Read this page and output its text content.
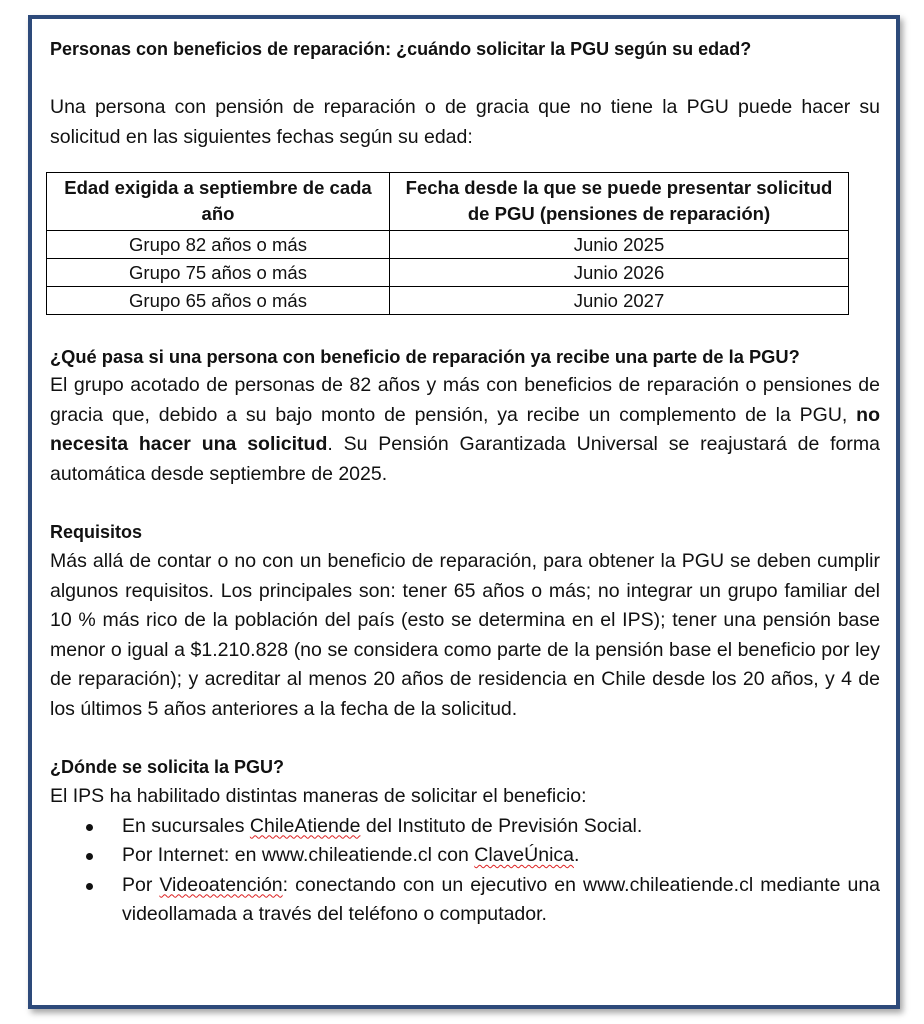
Personas con beneficios de reparación: ¿cuándo solicitar la PGU según su edad?

Una persona con pensión de reparación o de gracia que no tiene la PGU puede hacer su solicitud en las siguientes fechas según su edad:

Edad exigida a septiembre de cada año	Fecha desde la que se puede presentar solicitud de PGU (pensiones de reparación)
Grupo 82 años o más	Junio 2025
Grupo 75 años o más	Junio 2026
Grupo 65 años o más	Junio 2027

¿Qué pasa si una persona con beneficio de reparación ya recibe una parte de la PGU?

El grupo acotado de personas de 82 años y más con beneficios de reparación o pensiones de gracia que, debido a su bajo monto de pensión, ya recibe un complemento de la PGU, no necesita hacer una solicitud. Su Pensión Garantizada Universal se reajustará de forma automática desde septiembre de 2025.

Requisitos

Más allá de contar o no con un beneficio de reparación, para obtener la PGU se deben cumplir algunos requisitos. Los principales son: tener 65 años o más; no integrar un grupo familiar del 10 % más rico de la población del país (esto se determina en el IPS); tener una pensión base menor o igual a $1.210.828 (no se considera como parte de la pensión base el beneficio por ley de reparación); y acreditar al menos 20 años de residencia en Chile desde los 20 años, y 4 de los últimos 5 años anteriores a la fecha de la solicitud.

¿Dónde se solicita la PGU?

El IPS ha habilitado distintas maneras de solicitar el beneficio:

En sucursales ChileAtiende del Instituto de Previsión Social.
Por Internet: en www.chileatiende.cl con ClaveÚnica.
Por Videoatención: conectando con un ejecutivo en www.chileatiende.cl mediante una videollamada a través del teléfono o computador.
